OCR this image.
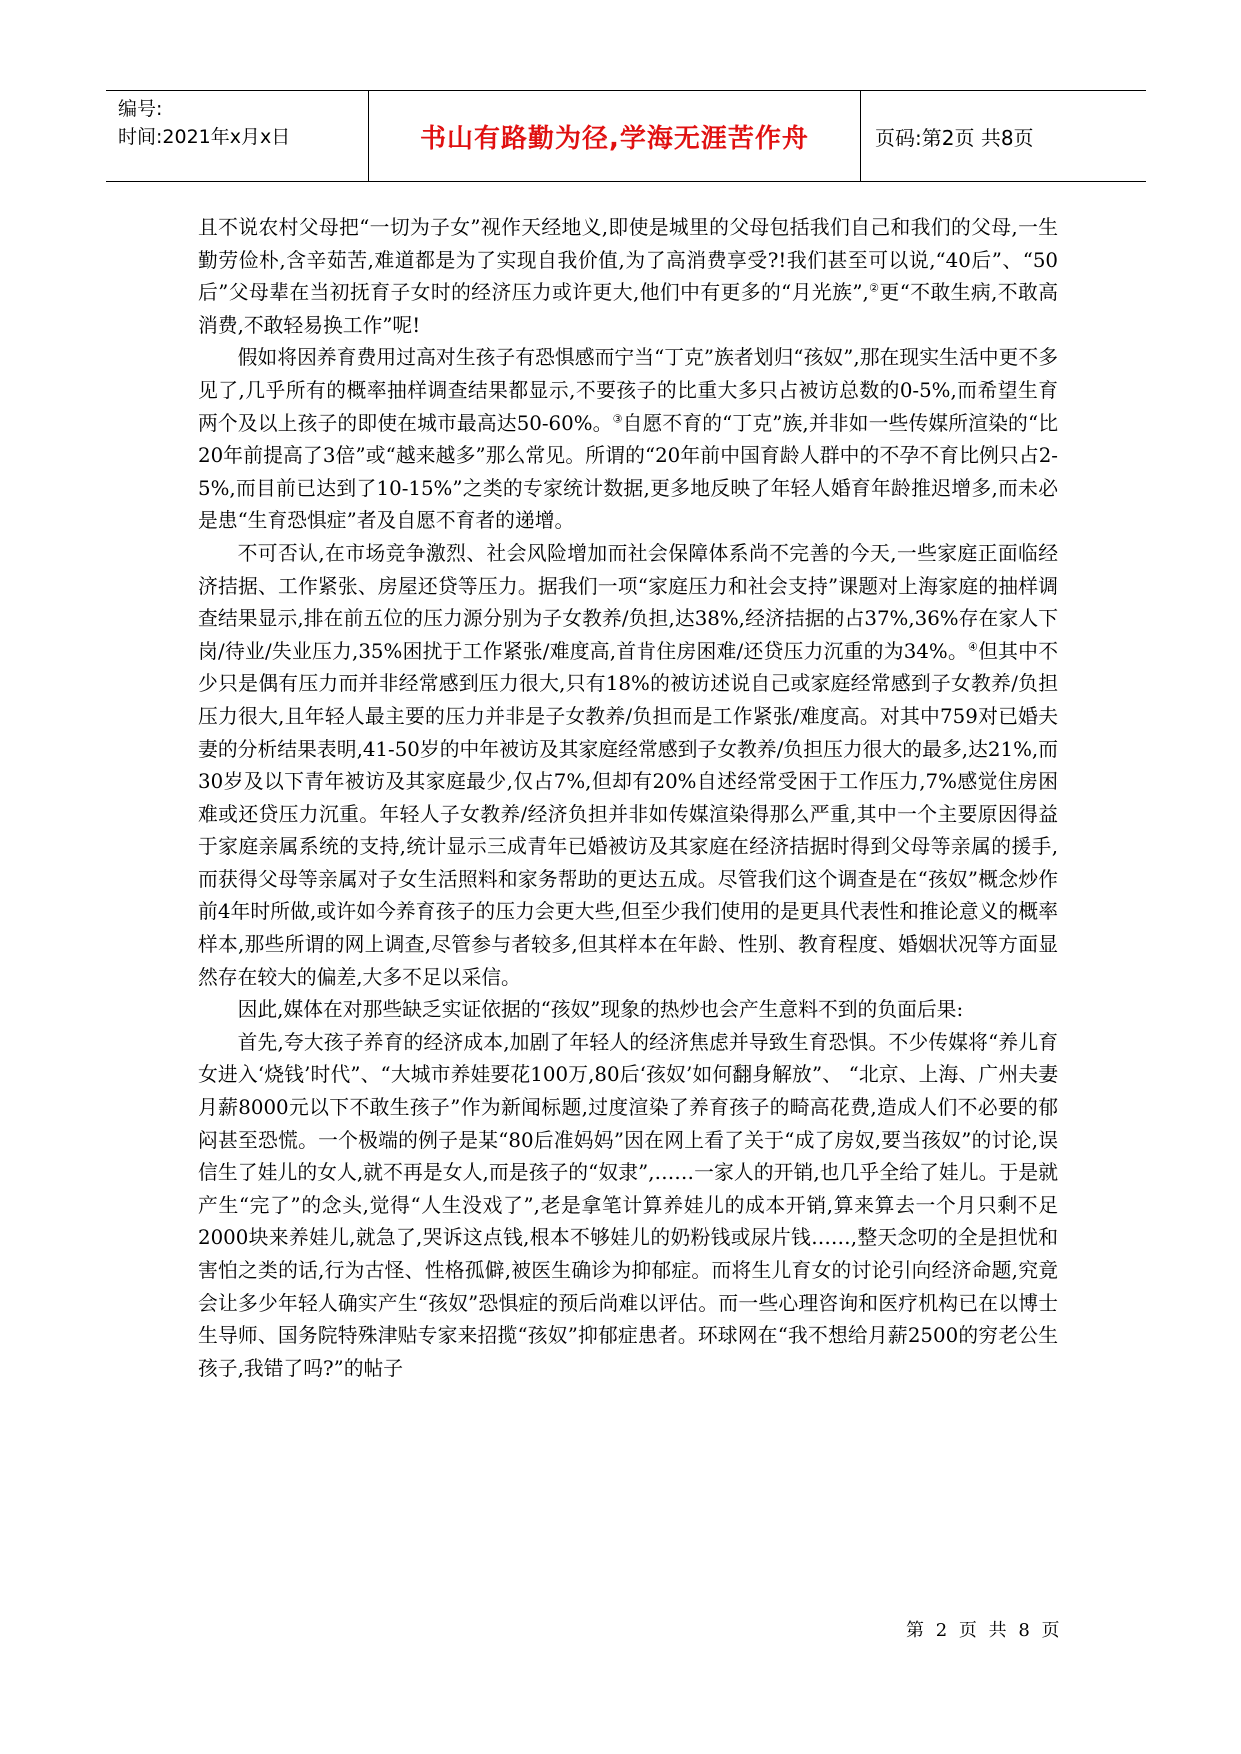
编号:
时间:2021年x月x日	书山有路勤为径,学海无涯苦作舟	页码:第2页 共8页

且不说农村父母把“一切为子女”视作天经地义,即使是城里的父母包括我们自己和我们的父母,一生勤劳俭朴,含辛茹苦,难道都是为了实现自我价值,为了高消费享受?!我们甚至可以说,“40后”、“50后”父母辈在当初抚育子女时的经济压力或许更大,他们中有更多的“月光族”,②更“不敢生病,不敢高消费,不敢轻易换工作”呢!

假如将因养育费用过高对生孩子有恐惧感而宁当“丁克”族者划归“孩奴”,那在现实生活中更不多见了,几乎所有的概率抽样调查结果都显示,不要孩子的比重大多只占被访总数的0-5%,而希望生育两个及以上孩子的即使在城市最高达50-60%。③自愿不育的“丁克”族,并非如一些传媒所渲染的“比20年前提高了3倍”或“越来越多”那么常见。所谓的“20年前中国育龄人群中的不孕不育比例只占2-5%,而目前已达到了10-15%”之类的专家统计数据,更多地反映了年轻人婚育年龄推迟增多,而未必是患“生育恐惧症”者及自愿不育者的递增。

不可否认,在市场竞争激烈、社会风险增加而社会保障体系尚不完善的今天,一些家庭正面临经济拮据、工作紧张、房屋还贷等压力。据我们一项“家庭压力和社会支持”课题对上海家庭的抽样调查结果显示,排在前五位的压力源分别为子女教养/负担,达38%,经济拮据的占37%,36%存在家人下岗/待业/失业压力,35%困扰于工作紧张/难度高,首肯住房困难/还贷压力沉重的为34%。④但其中不少只是偶有压力而并非经常感到压力很大,只有18%的被访述说自己或家庭经常感到子女教养/负担压力很大,且年轻人最主要的压力并非是子女教养/负担而是工作紧张/难度高。对其中759对已婚夫妻的分析结果表明,41-50岁的中年被访及其家庭经常感到子女教养/负担压力很大的最多,达21%,而30岁及以下青年被访及其家庭最少,仅占7%,但却有20%自述经常受困于工作压力,7%感觉住房困难或还贷压力沉重。年轻人子女教养/经济负担并非如传媒渲染得那么严重,其中一个主要原因得益于家庭亲属系统的支持,统计显示三成青年已婚被访及其家庭在经济拮据时得到父母等亲属的援手,而获得父母等亲属对子女生活照料和家务帮助的更达五成。尽管我们这个调查是在“孩奴”概念炒作前4年时所做,或许如今养育孩子的压力会更大些,但至少我们使用的是更具代表性和推论意义的概率样本,那些所谓的网上调查,尽管参与者较多,但其样本在年龄、性别、教育程度、婚姻状况等方面显然存在较大的偏差,大多不足以采信。

因此,媒体在对那些缺乏实证依据的“孩奴”现象的热炒也会产生意料不到的负面后果:

首先,夸大孩子养育的经济成本,加剧了年轻人的经济焦虑并导致生育恐惧。不少传媒将“养儿育女进入‘烧钱’时代”、“大城市养娃要花100万,80后‘孩奴’如何翻身解放”、 “北京、上海、广州夫妻月薪8000元以下不敢生孩子”作为新闻标题,过度渲染了养育孩子的畸高花费,造成人们不必要的郁闷甚至恐慌。一个极端的例子是某“80后准妈妈”因在网上看了关于“成了房奴,要当孩奴”的讨论,误信生了娃儿的女人,就不再是女人,而是孩子的“奴隶”,……一家人的开销,也几乎全给了娃儿。于是就产生“完了”的念头,觉得“人生没戏了”,老是拿笔计算养娃儿的成本开销,算来算去一个月只剩不足2000块来养娃儿,就急了,哭诉这点钱,根本不够娃儿的奶粉钱或尿片钱……,整天念叨的全是担忧和害怕之类的话,行为古怪、性格孤僻,被医生确诊为抑郁症。而将生儿育女的讨论引向经济命题,究竟会让多少年轻人确实产生“孩奴”恐惧症的预后尚难以评估。而一些心理咨询和医疗机构已在以博士生导师、国务院特殊津贴专家来招揽“孩奴”抑郁症患者。环球网在“我不想给月薪2500的穷老公生孩子,我错了吗?”的帖子

第 2 页 共 8 页
